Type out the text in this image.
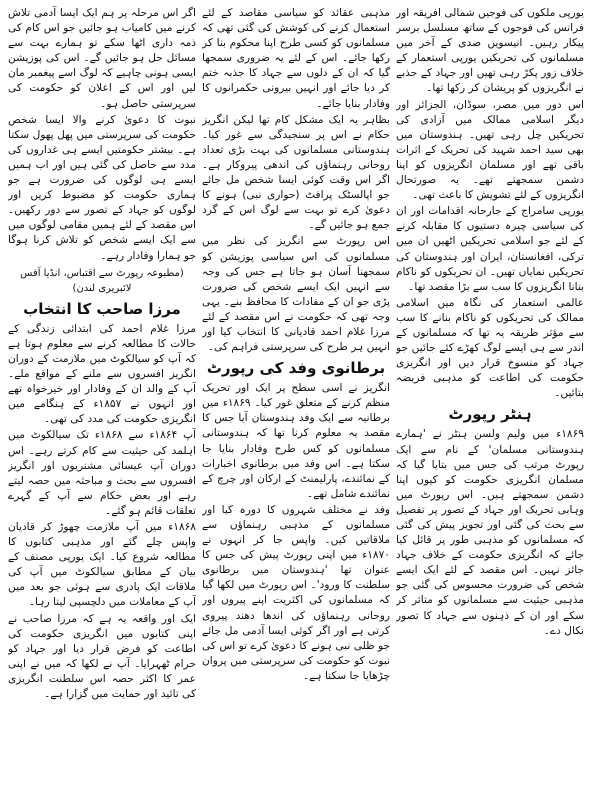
یورپی ملکوں کی فوجیں شمالی افریقہ اور فرانس کی فوجوں کے ساتھ مسلسل برسر پیکار رہیں۔ انیسویں صدی کے آخر میں مسلمانوں کی تحریکیں یورپی استعمار کے خلاف زور پکڑ رہی تھیں اور جہاد کے جذبے نے انگریزوں کو پریشان کر رکھا تھا۔

اس دور میں مصر، سوڈان، الجزائر اور دیگر اسلامی ممالک میں آزادی کی تحریکیں چل رہی تھیں۔ ہندوستان میں بھی سید احمد شہید کی تحریک کے اثرات باقی تھے اور مسلمان انگریزوں کو اپنا دشمن سمجھتے تھے۔ یہ صورتحال انگریزوں کے لئے تشویش کا باعث تھی۔

یورپی سامراج کے جارحانہ اقدامات اور ان کی سیاسی چیرہ دستیوں کا مقابلہ کرنے کے لئے جو اسلامی تحریکیں اٹھیں ان میں ترکی، افغانستان، ایران اور ہندوستان کی تحریکیں نمایاں تھیں۔ ان تحریکوں کو ناکام بنانا انگریزوں کا سب سے بڑا مقصد تھا۔

عالمی استعمار کی نگاہ میں اسلامی ممالک کی تحریکوں کو ناکام بنانے کا سب سے مؤثر طریقہ یہ تھا کہ مسلمانوں کے اندر سے ہی ایسے لوگ کھڑے کئے جائیں جو جہاد کو منسوخ قرار دیں اور انگریزی حکومت کی اطاعت کو مذہبی فریضہ بتائیں۔

ہنٹر رپورٹ

۱۸۶۹ء میں ولیم ولسن ہنٹر نے 'ہمارے ہندوستانی مسلمان' کے نام سے ایک رپورٹ مرتب کی جس میں بتایا گیا کہ مسلمان انگریزی حکومت کو کیوں اپنا دشمن سمجھتے ہیں۔ اس رپورٹ میں وہابی تحریک اور جہاد کے تصور پر تفصیل سے بحث کی گئی اور تجویز پیش کی گئی کہ مسلمانوں کو مذہبی طور پر قائل کیا جائے کہ انگریزی حکومت کے خلاف جہاد جائز نہیں۔ اس مقصد کے لئے ایک ایسے شخص کی ضرورت محسوس کی گئی جو مذہبی حیثیت سے مسلمانوں کو متاثر کر سکے اور ان کے ذہنوں سے جہاد کا تصور نکال دے۔

مذہبی عقائد کو سیاسی مقاصد کے لئے استعمال کرنے کی کوشش کی گئی تھی کہ مسلمانوں کو کسی طرح اپنا محکوم بنا کر رکھا جائے۔ اس کے لئے یہ ضروری سمجھا گیا کہ ان کے دلوں سے جہاد کا جذبہ ختم کر دیا جائے اور انہیں بیرونی حکمرانوں کا وفادار بنایا جائے۔

بظاہر یہ ایک مشکل کام تھا لیکن انگریز حکام نے اس پر سنجیدگی سے غور کیا۔ ہندوستانی مسلمانوں کی بہت بڑی تعداد روحانی رہنماؤں کی اندھی پیروکار ہے۔ اگر اس وقت کوئی ایسا شخص مل جائے جو اپالسٹک پرافٹ (حواری نبی) ہونے کا دعویٰ کرے تو بہت سے لوگ اس کے گرد جمع ہو جائیں گے۔

اس رپورٹ سے انگریز کی نظر میں مسلمانوں کی اس سیاسی پوزیشن کو سمجھنا آسان ہو جاتا ہے جس کی وجہ سے انہیں ایک ایسے شخص کی ضرورت پڑی جو ان کے مفادات کا محافظ بنے۔ یہی وجہ تھی کہ حکومت نے اس مقصد کے لئے مرزا غلام احمد قادیانی کا انتخاب کیا اور انہیں ہر طرح کی سرپرستی فراہم کی۔

برطانوی وفد کی رپورٹ

انگریز نے اسی سطح پر ایک اور تحریک منظم کرنے کے متعلق غور کیا۔ ۱۸۶۹ء میں برطانیہ سے ایک وفد ہندوستان آیا جس کا مقصد یہ معلوم کرنا تھا کہ ہندوستانی مسلمانوں کو کس طرح وفادار بنایا جا سکتا ہے۔ اس وفد میں برطانوی اخبارات کے نمائندے، پارلیمنٹ کے ارکان اور چرچ کے نمائندے شامل تھے۔

وفد نے مختلف شہروں کا دورہ کیا اور مسلمانوں کے مذہبی رہنماؤں سے ملاقاتیں کیں۔ واپس جا کر انہوں نے ۱۸۷۰ء میں اپنی رپورٹ پیش کی جس کا عنوان تھا 'ہندوستان میں برطانوی سلطنت کا ورود'۔ اس رپورٹ میں لکھا گیا کہ مسلمانوں کی اکثریت اپنے پیروں اور روحانی رہنماؤں کی اندھا دھند پیروی کرتی ہے اور اگر کوئی ایسا آدمی مل جائے جو ظلی نبی ہونے کا دعویٰ کرے تو اس کی نبوت کو حکومت کی سرپرستی میں پروان چڑھایا جا سکتا ہے۔

اگر اس مرحلہ پر ہم ایک ایسا آدمی تلاش کرنے میں کامیاب ہو جائیں جو اس کام کی ذمہ داری اٹھا سکے تو ہمارے بہت سے مسائل حل ہو جائیں گے۔ اس کی پوزیشن ایسی ہونی چاہیے کہ لوگ اسے پیغمبر مان لیں اور اس کے اعلان کو حکومت کی سرپرستی حاصل ہو۔

نبوت کا دعویٰ کرنے والا ایسا شخص حکومت کی سرپرستی میں پھل پھول سکتا ہے۔ بیشتر حکومتیں ایسے ہی غداروں کی مدد سے حاصل کی گئی ہیں اور اب ہمیں ایسے ہی لوگوں کی ضرورت ہے جو ہماری حکومت کو مضبوط کریں اور لوگوں کو جہاد کے تصور سے دور رکھیں۔ اس مقصد کے لئے ہمیں مقامی لوگوں میں سے ایک ایسے شخص کو تلاش کرنا ہوگا جو ہمارا وفادار رہے۔

(مطبوعہ رپورٹ سے اقتباس، انڈیا آفس لائبریری لندن)
مرزا صاحب کا انتخاب

مرزا غلام احمد کی ابتدائی زندگی کے حالات کا مطالعہ کرنے سے معلوم ہوتا ہے کہ آپ کو سیالکوٹ میں ملازمت کے دوران انگریز افسروں سے ملنے کے مواقع ملے۔ آپ کے والد ان کے وفادار اور خیرخواہ تھے اور انہوں نے ۱۸۵۷ء کے ہنگامے میں انگریزی حکومت کی مدد کی تھی۔

آپ ۱۸۶۴ء سے ۱۸۶۸ء تک سیالکوٹ میں اہلمد کی حیثیت سے کام کرتے رہے۔ اس دوران آپ عیسائی مشنریوں اور انگریز افسروں سے بحث و مباحثہ میں حصہ لیتے رہے اور بعض حکام سے آپ کے گہرے تعلقات قائم ہو گئے۔

۱۸۶۸ء میں آپ ملازمت چھوڑ کر قادیان واپس چلے گئے اور مذہبی کتابوں کا مطالعہ شروع کیا۔ ایک یورپی مصنف کے بیان کے مطابق سیالکوٹ میں آپ کی ملاقات ایک پادری سے ہوئی جو بعد میں آپ کے معاملات میں دلچسپی لیتا رہا۔

ایک اور واقعہ یہ ہے کہ مرزا صاحب نے اپنی کتابوں میں انگریزی حکومت کی اطاعت کو فرض قرار دیا اور جہاد کو حرام ٹھہرایا۔ آپ نے لکھا کہ میں نے اپنی عمر کا اکثر حصہ اس سلطنت انگریزی کی تائید اور حمایت میں گزارا ہے۔
